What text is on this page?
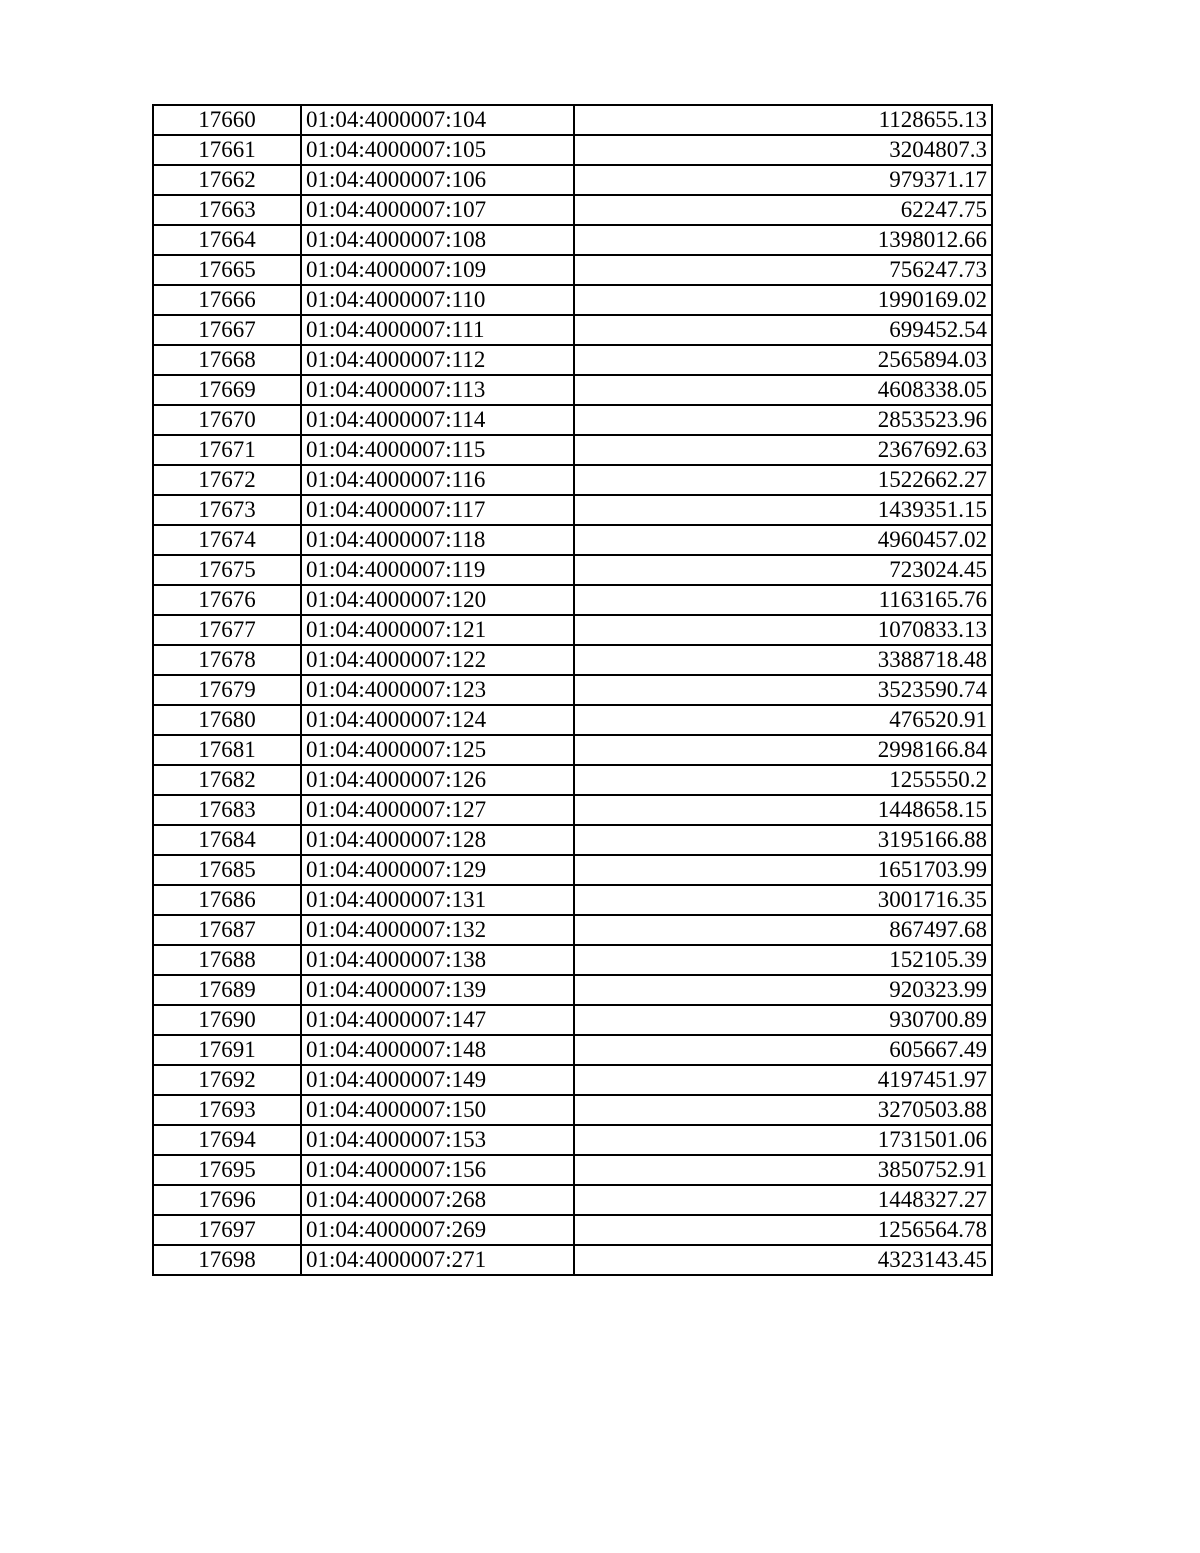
17660	01:04:4000007:104	1128655.13
17661	01:04:4000007:105	3204807.3
17662	01:04:4000007:106	979371.17
17663	01:04:4000007:107	62247.75
17664	01:04:4000007:108	1398012.66
17665	01:04:4000007:109	756247.73
17666	01:04:4000007:110	1990169.02
17667	01:04:4000007:111	699452.54
17668	01:04:4000007:112	2565894.03
17669	01:04:4000007:113	4608338.05
17670	01:04:4000007:114	2853523.96
17671	01:04:4000007:115	2367692.63
17672	01:04:4000007:116	1522662.27
17673	01:04:4000007:117	1439351.15
17674	01:04:4000007:118	4960457.02
17675	01:04:4000007:119	723024.45
17676	01:04:4000007:120	1163165.76
17677	01:04:4000007:121	1070833.13
17678	01:04:4000007:122	3388718.48
17679	01:04:4000007:123	3523590.74
17680	01:04:4000007:124	476520.91
17681	01:04:4000007:125	2998166.84
17682	01:04:4000007:126	1255550.2
17683	01:04:4000007:127	1448658.15
17684	01:04:4000007:128	3195166.88
17685	01:04:4000007:129	1651703.99
17686	01:04:4000007:131	3001716.35
17687	01:04:4000007:132	867497.68
17688	01:04:4000007:138	152105.39
17689	01:04:4000007:139	920323.99
17690	01:04:4000007:147	930700.89
17691	01:04:4000007:148	605667.49
17692	01:04:4000007:149	4197451.97
17693	01:04:4000007:150	3270503.88
17694	01:04:4000007:153	1731501.06
17695	01:04:4000007:156	3850752.91
17696	01:04:4000007:268	1448327.27
17697	01:04:4000007:269	1256564.78
17698	01:04:4000007:271	4323143.45
